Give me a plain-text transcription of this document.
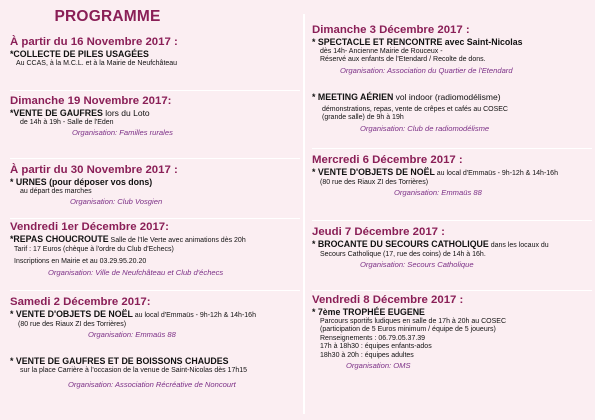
PROGRAMME
À partir du 16 Novembre 2017 :
*COLLECTE DE PILES USAGÉES
Au CCAS, à la M.C.L. et à la Mairie de Neufchâteau
Dimanche 19 Novembre 2017:
*VENTE DE GAUFRES lors du Loto
de 14h à 19h - Salle de l'Eden
Organisation: Familles rurales
À partir du 30 Novembre 2017 :
* URNES (pour déposer vos dons)
au départ des marches
Organisation: Club Vosgien
Vendredi 1er Décembre 2017:
*REPAS CHOUCROUTE Salle de l'Ile Verte avec animations dès 20h
Tarif : 17 Euros (chèque à l'ordre du Club d'Echecs)
Inscriptions en Mairie et au 03.29.95.20.20
Organisation: Ville de Neufchâteau et Club d'échecs
Samedi 2 Décembre 2017:
* VENTE D'OBJETS DE NOËL au local d'Emmaüs - 9h-12h & 14h-16h
(80 rue des Riaux ZI des Torrières)
Organisation: Emmaüs 88
* VENTE DE GAUFRES ET DE BOISSONS CHAUDES
sur la place Carrière à l'occasion de la venue de Saint-Nicolas dès 17h15
Organisation: Association Récréative de Noncourt
Dimanche 3 Décembre 2017 :
* SPECTACLE ET RENCONTRE avec Saint-Nicolas
dès 14h- Ancienne Mairie de Rouceux -
Réservé aux enfants de l'Etendard / Recolte de dons.
Organisation: Association du Quartier de l'Etendard
* MEETING AÉRIEN vol indoor (radiomodélisme)
démonstrations, repas, vente de crêpes et cafés au COSEC
(grande salle) de 9h à 19h
Organisation: Club de radiomodélisme
Mercredi 6 Décembre 2017 :
* VENTE D'OBJETS DE NOËL au local d'Emmaüs - 9h-12h & 14h-16h
(80 rue des Riaux ZI des Torrières)
Organisation: Emmaüs 88
Jeudi 7 Décembre 2017 :
* BROCANTE DU SECOURS CATHOLIQUE dans les locaux du
Secours Catholique (17, rue des coins) de 14h à 16h.
Organisation: Secours Catholique
Vendredi 8 Décembre 2017 :
* 7ème TROPHÉE EUGENE
Parcours sportifs ludiques en salle de 17h à 20h au COSEC
(participation de 5 Euros minimum / équipe de 5 joueurs)
Renseignements : 06.79.05.37.39
17h à 18h30 : équipes enfants-ados
18h30 à 20h : équipes adultes
Organisation: OMS
